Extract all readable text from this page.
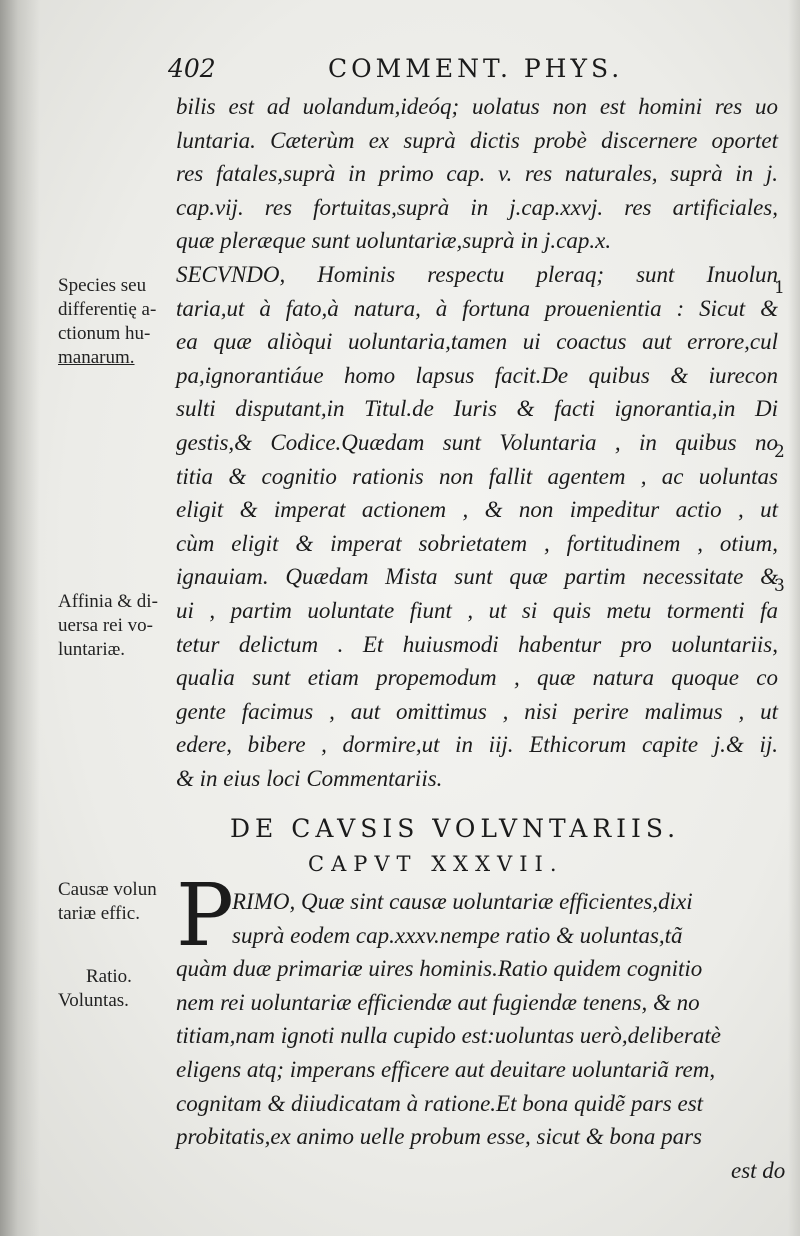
402	COMMENT. PHYS.
bilis est ad uolandum,ideóq; uolatus non est homini res uo
luntaria. Cæterùm ex suprà dictis probè discernere oportet
res fatales,suprà in primo cap. v. res naturales, suprà in j.
cap.vij. res fortuitas,suprà in j.cap.xxvj. res artificiales,
quæ pleræque sunt uoluntariæ,suprà in j.cap.x.
SECVNDO, Hominis respectu pleraq; sunt Inuolun
taria,ut à fato,à natura, à fortuna prouenientia : Sicut &
ea quæ aliòqui uoluntaria,tamen ui coactus aut errore,cul
pa,ignorantiáue homo lapsus facit.De quibus & iurecon
sulti disputant,in Titul.de Iuris & facti ignorantia,in Di
gestis,& Codice.Quædam sunt Voluntaria , in quibus no
titia & cognitio rationis non fallit agentem , ac uoluntas
eligit & imperat actionem , & non impeditur actio , ut
cùm eligit & imperat sobrietatem , fortitudinem , otium,
ignauiam. Quædam Mista sunt quæ partim necessitate &
ui , partim uoluntate fiunt , ut si quis metu tormenti fa
tetur delictum . Et huiusmodi habentur pro uoluntariis,
qualia sunt etiam propemodum , quæ natura quoque co
gente facimus , aut omittimus , nisi perire malimus , ut
edere, bibere , dormire,ut in iij. Ethicorum capite j.& ij.
& in eius loci Commentariis.
DE CAVSIS VOLVNTARIIS.
CAPVT XXXVII.
P
RIMO, Quæ sint causæ uoluntariæ efficientes,dixi
suprà eodem cap.xxxv.nempe ratio & uoluntas,tã
quàm duæ primariæ uires hominis.Ratio quidem cognitio
nem rei uoluntariæ efficiendæ aut fugiendæ tenens, & no
titiam,nam ignoti nulla cupido est:uoluntas uerò,deliberatè
eligens atq; imperans efficere aut deuitare uoluntariã rem,
cognitam & diiudicatam à ratione.Et bona quidẽ pars est
probitatis,ex animo uelle probum esse, sicut & bona pars
est do
Species seu
differentię a-
ctionum hu-
manarum.
Affinia & di-
uersa rei vo-
luntariæ.
Causæ volun
tariæ effic.
Ratio.
Voluntas.
1
2
3
